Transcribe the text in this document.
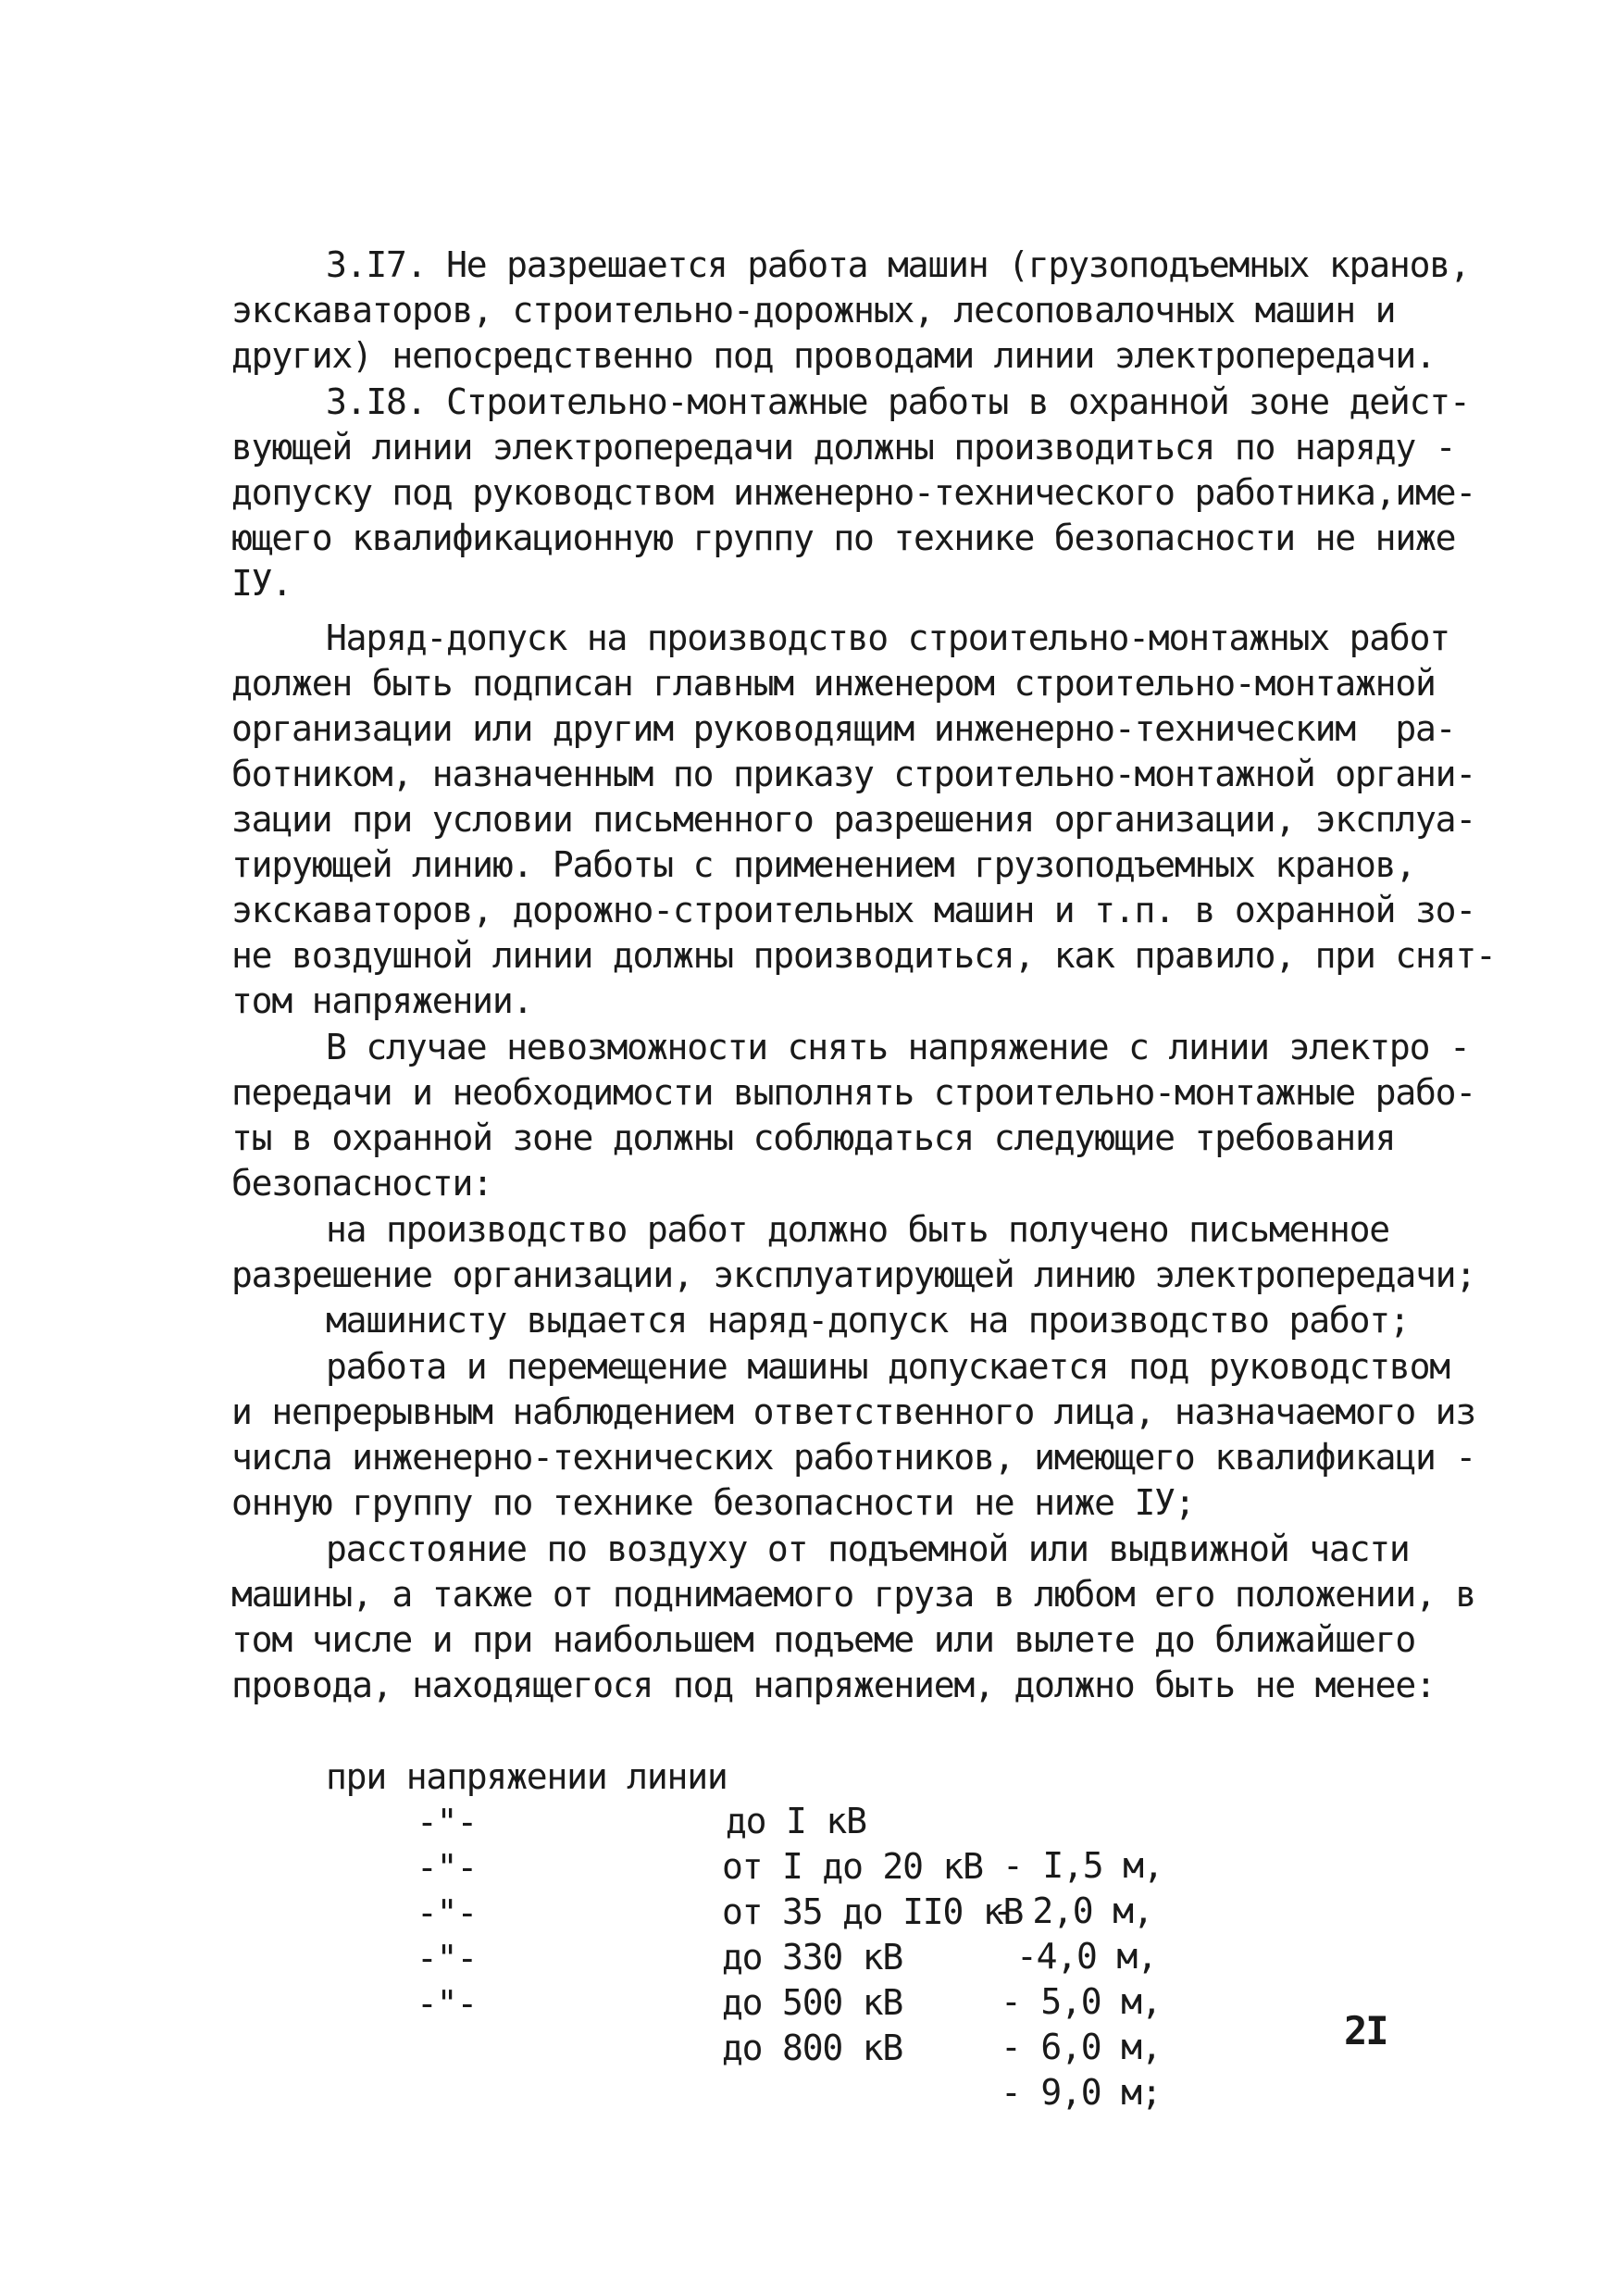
3.I7. Не разрешается работа машин (грузоподъемных кранов,
экскаваторов, строительно-дорожных, лесоповалочных машин и
других) непосредственно под проводами линии электропередачи.
3.I8. Строительно-монтажные работы в охранной зоне дейст-
вующей линии электропередачи должны производиться по наряду -
допуску под руководством инженерно-технического работника,име-
ющего квалификационную группу по технике безопасности не ниже
IУ.
Наряд-допуск на производство строительно-монтажных работ
должен быть подписан главным инженером строительно-монтажной
организации или другим руководящим инженерно-техническим  ра-
ботником, назначенным по приказу строительно-монтажной органи-
зации при условии письменного разрешения организации, эксплуа-
тирующей линию. Работы с применением грузоподъемных кранов,
экскаваторов, дорожно-строительных машин и т.п. в охранной зо-
не воздушной линии должны производиться, как правило, при снят-
том напряжении.
В случае невозможности снять напряжение с линии электро -
передачи и необходимости выполнять строительно-монтажные рабо-
ты в охранной зоне должны соблюдаться следующие требования
безопасности:
на производство работ должно быть получено письменное
разрешение организации, эксплуатирующей линию электропередачи;
машинисту выдается наряд-допуск на производство работ;
работа и перемещение машины допускается под руководством
и непрерывным наблюдением ответственного лица, назначаемого из
числа инженерно-технических работников, имеющего квалификаци -
онную группу по технике безопасности не ниже IУ;
расстояние по воздуху от подъемной или выдвижной части
машины, а также от поднимаемого груза в любом его положении, в
том числе и при наибольшем подъеме или вылете до ближайшего
провода, находящегося под напряжением, должно быть не менее:

при напряжении линии

до I кВ

- I,5 м,

-"-

от I до 20 кВ

- 2,0 м,

-"-

от 35 до II0 кВ

-4,0 м,

-"-

до 330 кВ

- 5,0 м,

-"-

до 500 кВ

- 6,0 м,

-"-

до 800 кВ

- 9,0 м;

2I
